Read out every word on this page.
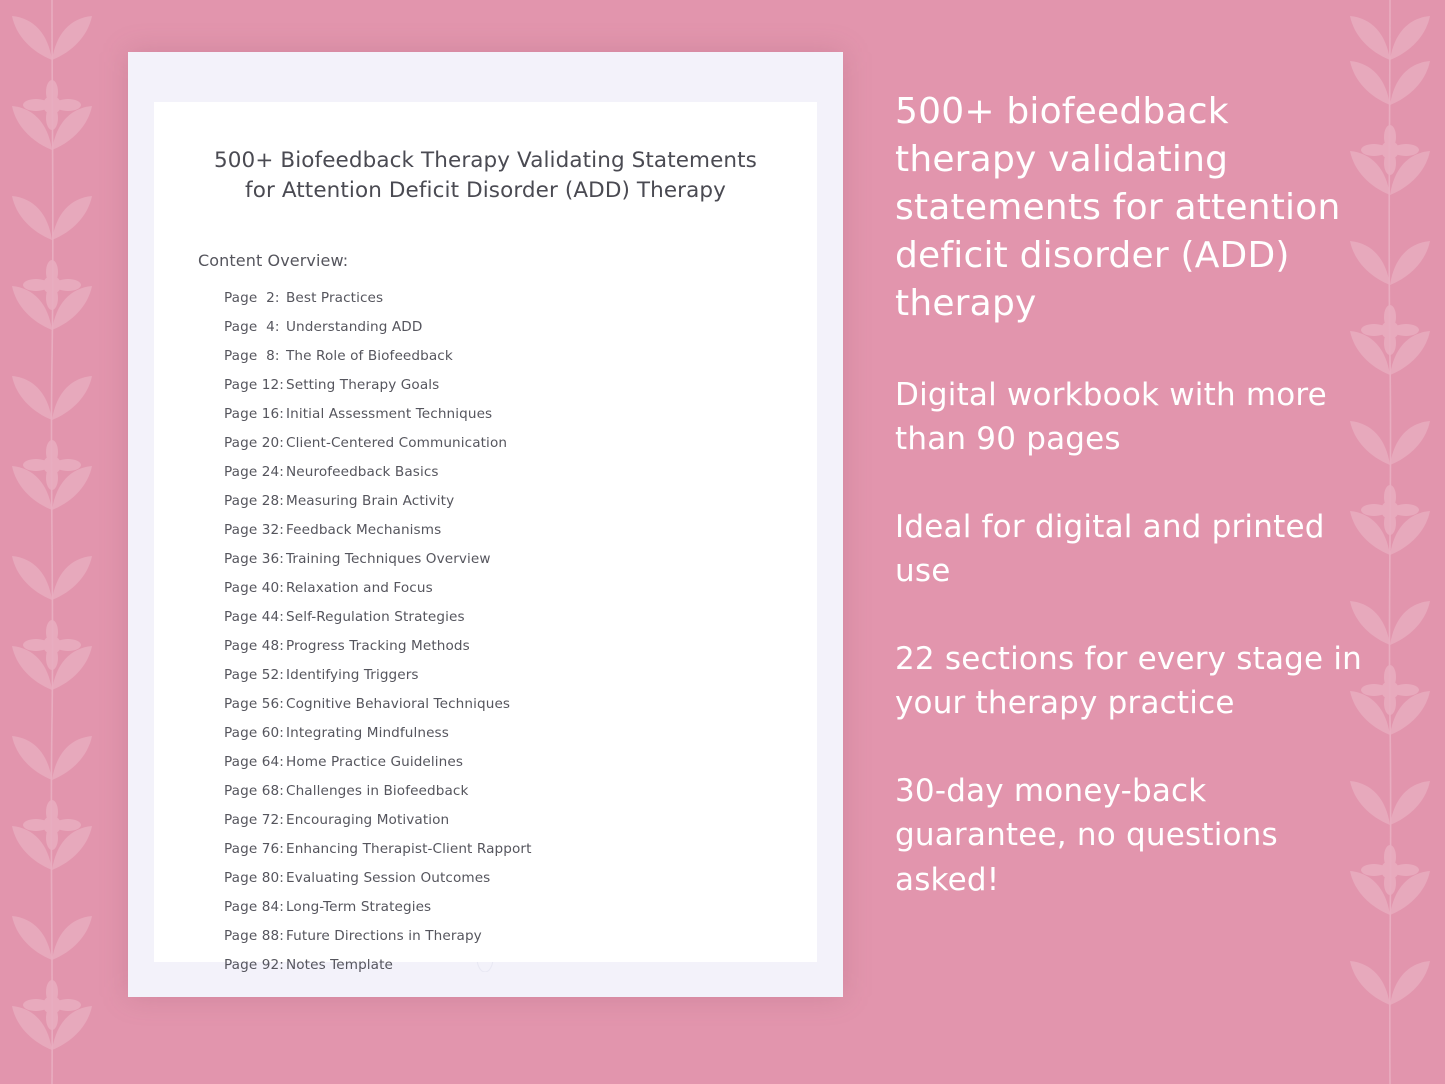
500+ Biofeedback Therapy Validating Statements for Attention Deficit Disorder (ADD) Therapy
Content Overview:
Page  2: Best Practices
Page  4: Understanding ADD
Page  8: The Role of Biofeedback
Page 12: Setting Therapy Goals
Page 16: Initial Assessment Techniques
Page 20: Client-Centered Communication
Page 24: Neurofeedback Basics
Page 28: Measuring Brain Activity
Page 32: Feedback Mechanisms
Page 36: Training Techniques Overview
Page 40: Relaxation and Focus
Page 44: Self-Regulation Strategies
Page 48: Progress Tracking Methods
Page 52: Identifying Triggers
Page 56: Cognitive Behavioral Techniques
Page 60: Integrating Mindfulness
Page 64: Home Practice Guidelines
Page 68: Challenges in Biofeedback
Page 72: Encouraging Motivation
Page 76: Enhancing Therapist-Client Rapport
Page 80: Evaluating Session Outcomes
Page 84: Long-Term Strategies
Page 88: Future Directions in Therapy
Page 92: Notes Template

500+ biofeedback therapy validating statements for attention deficit disorder (ADD) therapy

Digital workbook with more than 90 pages

Ideal for digital and printed use

22 sections for every stage in your therapy practice

30-day money-back guarantee, no questions asked!
